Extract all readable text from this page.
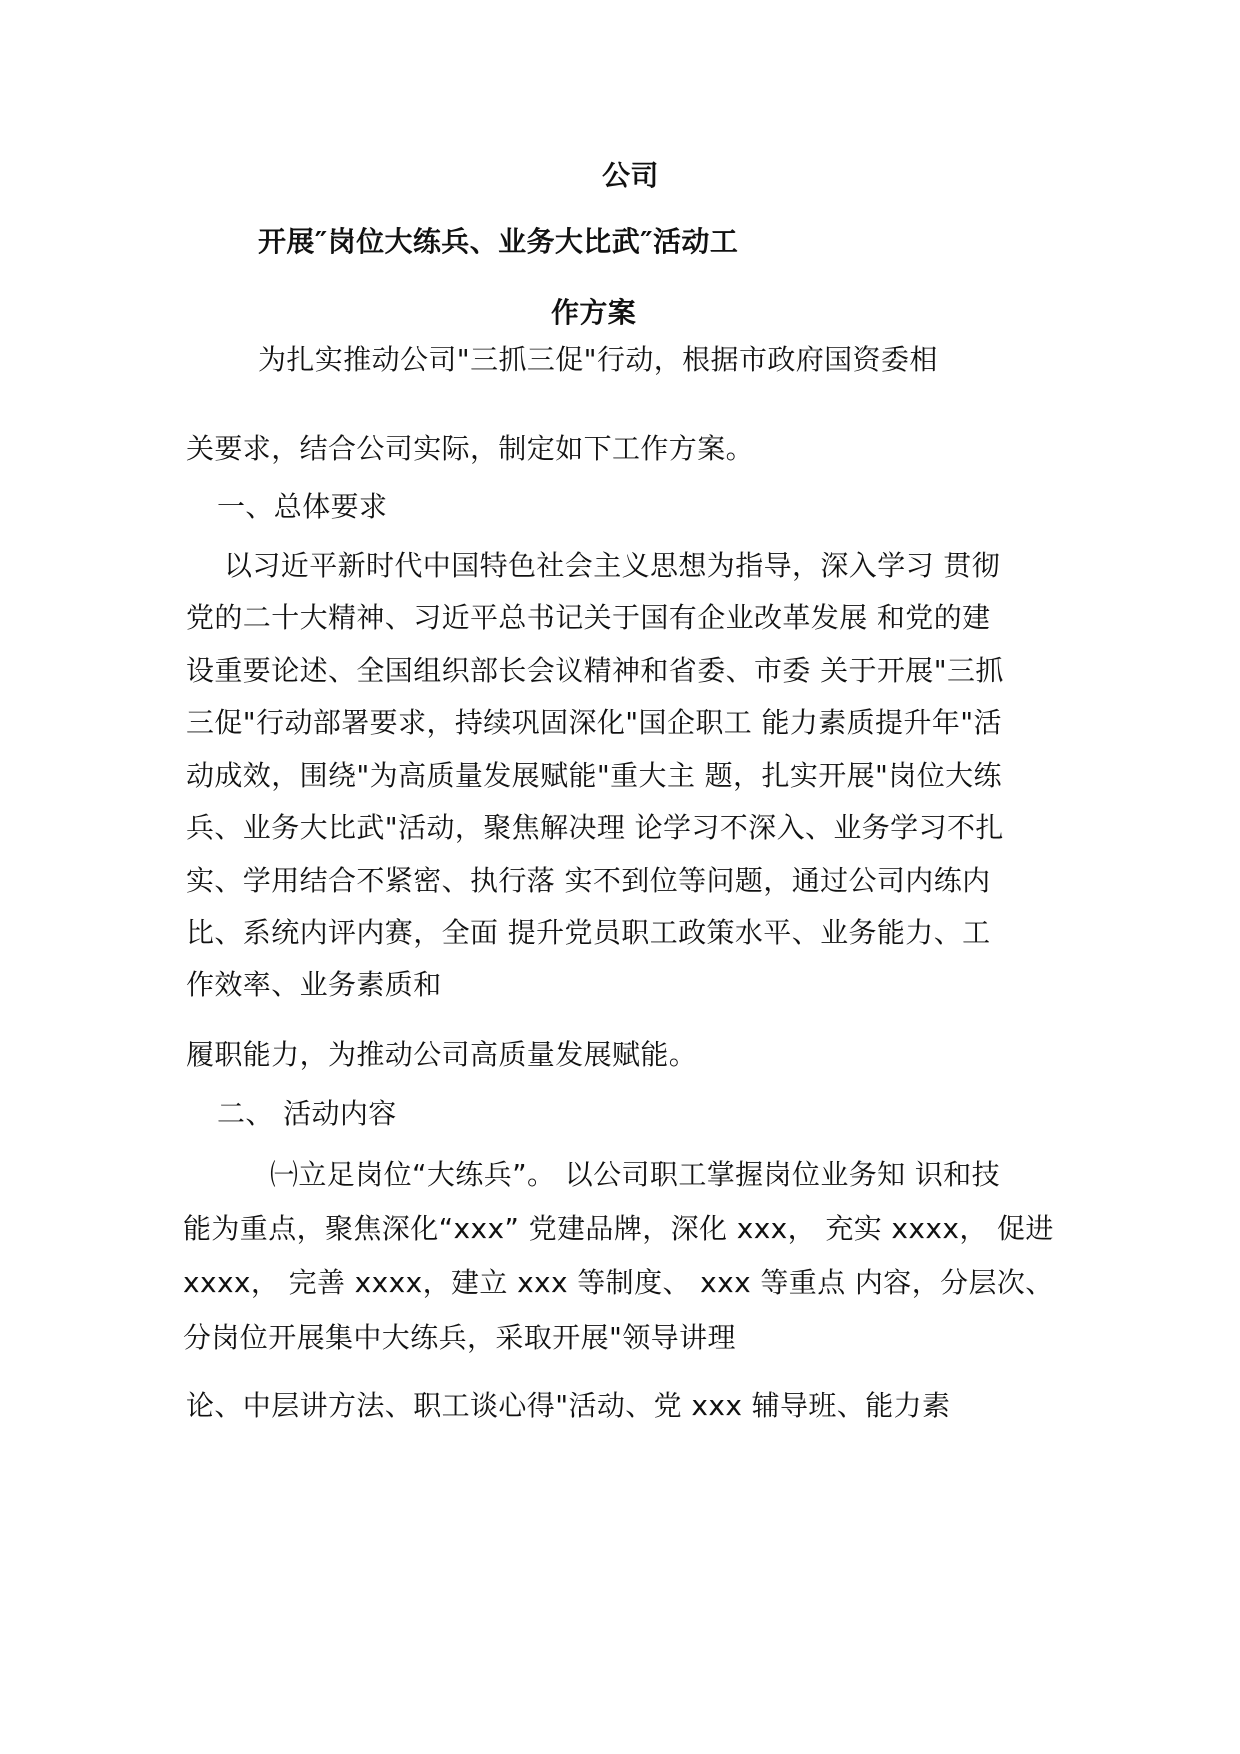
公司
开展″岗位大练兵、业务大比武″活动工
作方案
为扎实推动公司"三抓三促"行动，根据市政府国资委相
关要求，结合公司实际，制定如下工作方案。
一、总体要求
以习近平新时代中国特色社会主义思想为指导，深入学习 贯彻
党的二十大精神、习近平总书记关于国有企业改革发展 和党的建
设重要论述、全国组织部长会议精神和省委、市委 关于开展"三抓
三促"行动部署要求，持续巩固深化"国企职工 能力素质提升年"活
动成效，围绕"为高质量发展赋能"重大主 题，扎实开展"岗位大练
兵、业务大比武"活动，聚焦解决理 论学习不深入、业务学习不扎
实、学用结合不紧密、执行落 实不到位等问题，通过公司内练内
比、系统内评内赛，全面 提升党员职工政策水平、业务能力、工
作效率、业务素质和
履职能力，为推动公司高质量发展赋能。
二、 活动内容
㈠立足岗位“大练兵”。 以公司职工掌握岗位业务知 识和技
能为重点，聚焦深化“xxx” 党建品牌，深化 xxx， 充实 xxxx， 促进
xxxx， 完善 xxxx，建立 xxx 等制度、 xxx 等重点 内容，分层次、
分岗位开展集中大练兵，采取开展"领导讲理
论、中层讲方法、职工谈心得"活动、党 xxx 辅导班、能力素
